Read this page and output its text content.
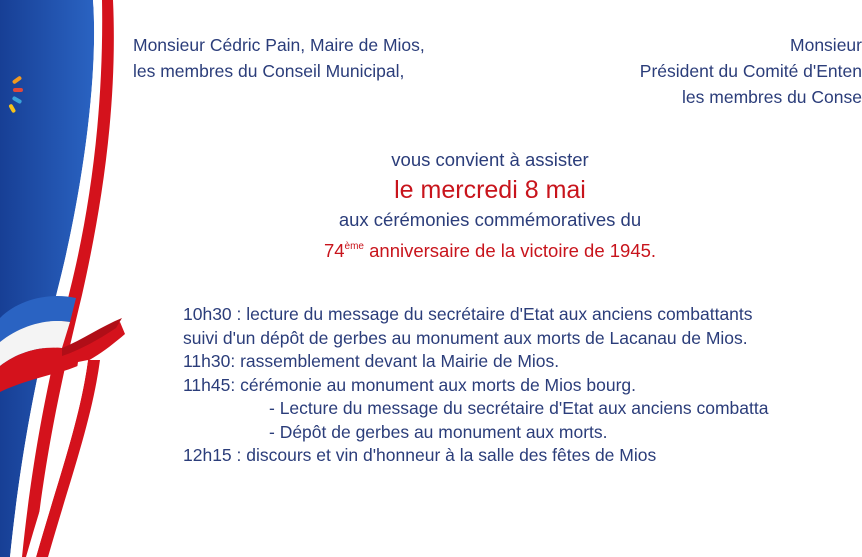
Monsieur Cédric Pain, Maire de Mios,
les membres du Conseil Municipal,
Monsieur
Président du Comité d'Enten
les membres du Conse
vous convient à assister
le mercredi 8 mai
aux cérémonies commémoratives du
74ème anniversaire de la victoire de 1945.
10h30 : lecture du message du secrétaire d'Etat aux anciens combattants
suivi d'un dépôt de gerbes au monument aux morts de Lacanau de Mios.
11h30: rassemblement devant la Mairie de Mios.
11h45: cérémonie au monument aux morts de Mios bourg.
- Lecture du message du secrétaire d'Etat aux anciens combatta
- Dépôt de gerbes au monument aux morts.
12h15 : discours et vin d'honneur à la salle des fêtes de Mios
